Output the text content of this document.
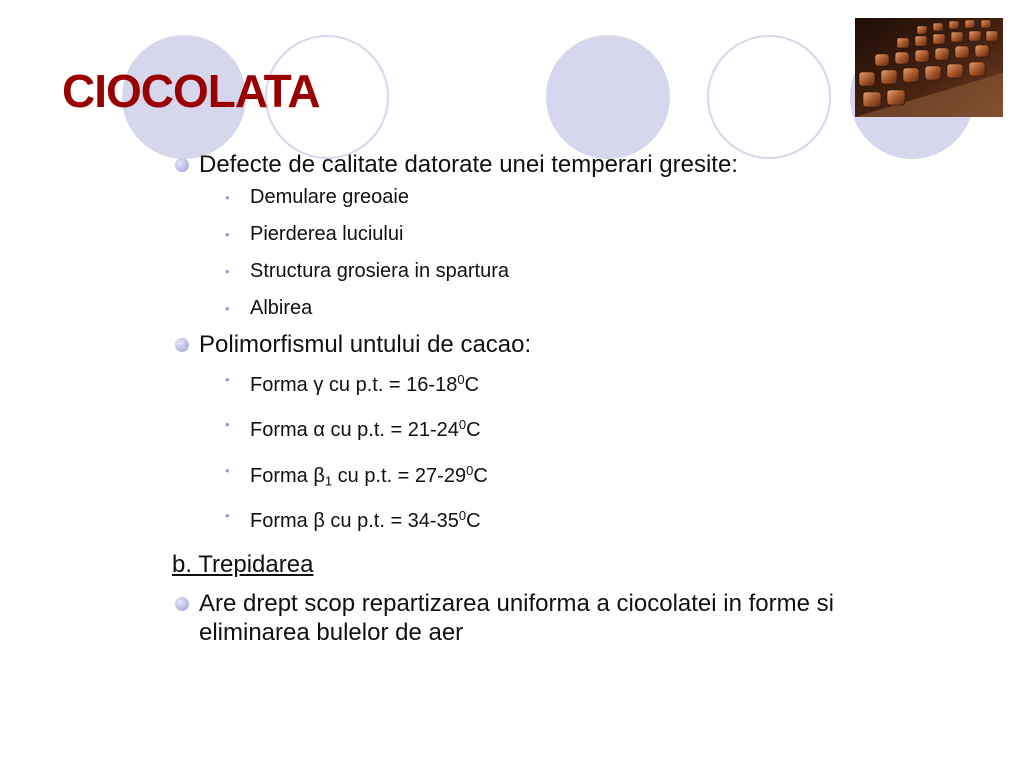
CIOCOLATA
Defecte de calitate datorate unei temperari gresite:
• Demulare greoaie
• Pierderea luciului
• Structura grosiera in spartura
• Albirea
Polimorfismul untului de cacao:
• Forma γ cu p.t. = $16-18^0C$
• Forma α cu p.t. = $21-24^0C$
• Forma $\beta_1$ cu p.t. = $27-29^0C$
• Forma β cu p.t. = $34-35^0C$
b. Trepidarea
Are drept scop repartizarea uniforma a ciocolatei in forme si
eliminarea bulelor de aer
